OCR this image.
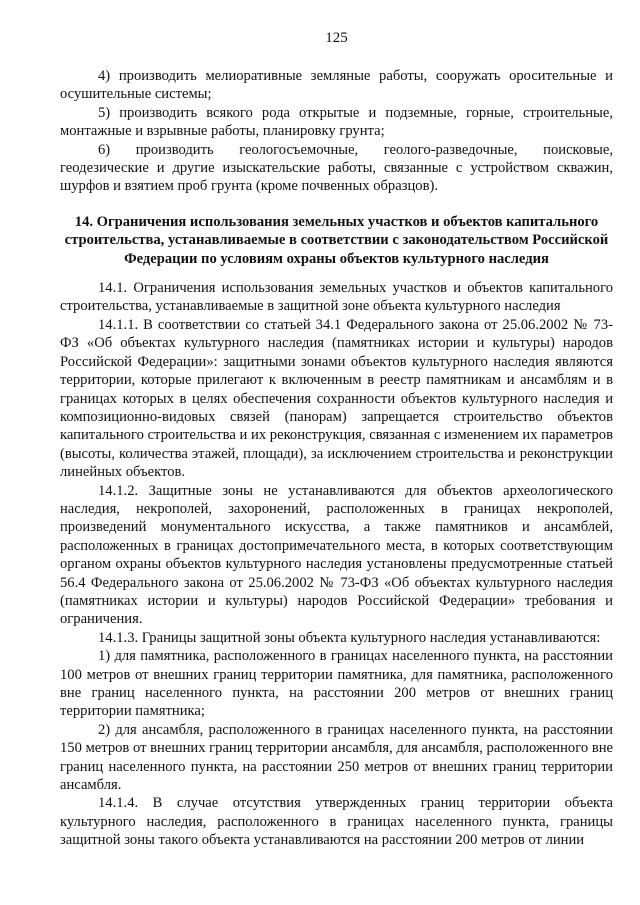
125

4) производить мелиоративные земляные работы, сооружать оросительные и осушительные системы;

5) производить всякого рода открытые и подземные, горные, строительные, монтажные и взрывные работы, планировку грунта;

6) производить геологосъемочные, геолого-разведочные, поисковые, геодезические и другие изыскательские работы, связанные с устройством скважин, шурфов и взятием проб грунта (кроме почвенных образцов).

14. Ограничения использования земельных участков и объектов капитального строительства, устанавливаемые в соответствии с законодательством Российской Федерации по условиям охраны объектов культурного наследия

14.1. Ограничения использования земельных участков и объектов капитального строительства, устанавливаемые в защитной зоне объекта культурного наследия

14.1.1. В соответствии со статьей 34.1 Федерального закона от 25.06.2002 № 73-ФЗ «Об объектах культурного наследия (памятниках истории и культуры) народов Российской Федерации»: защитными зонами объектов культурного наследия являются территории, которые прилегают к включенным в реестр памятникам и ансамблям и в границах которых в целях обеспечения сохранности объектов культурного наследия и композиционно-видовых связей (панорам) запрещается строительство объектов капитального строительства и их реконструкция, связанная с изменением их параметров (высоты, количества этажей, площади), за исключением строительства и реконструкции линейных объектов.

14.1.2. Защитные зоны не устанавливаются для объектов археологического наследия, некрополей, захоронений, расположенных в границах некрополей, произведений монументального искусства, а также памятников и ансамблей, расположенных в границах достопримечательного места, в которых соответствующим органом охраны объектов культурного наследия установлены предусмотренные статьей 56.4 Федерального закона от 25.06.2002 № 73-ФЗ «Об объектах культурного наследия (памятниках истории и культуры) народов Российской Федерации» требования и ограничения.

14.1.3. Границы защитной зоны объекта культурного наследия устанавливаются:

1) для памятника, расположенного в границах населенного пункта, на расстоянии 100 метров от внешних границ территории памятника, для памятника, расположенного вне границ населенного пункта, на расстоянии 200 метров от внешних границ территории памятника;

2) для ансамбля, расположенного в границах населенного пункта, на расстоянии 150 метров от внешних границ территории ансамбля, для ансамбля, расположенного вне границ населенного пункта, на расстоянии 250 метров от внешних границ территории ансамбля.

14.1.4. В случае отсутствия утвержденных границ территории объекта культурного наследия, расположенного в границах населенного пункта, границы защитной зоны такого объекта устанавливаются на расстоянии 200 метров от линии
